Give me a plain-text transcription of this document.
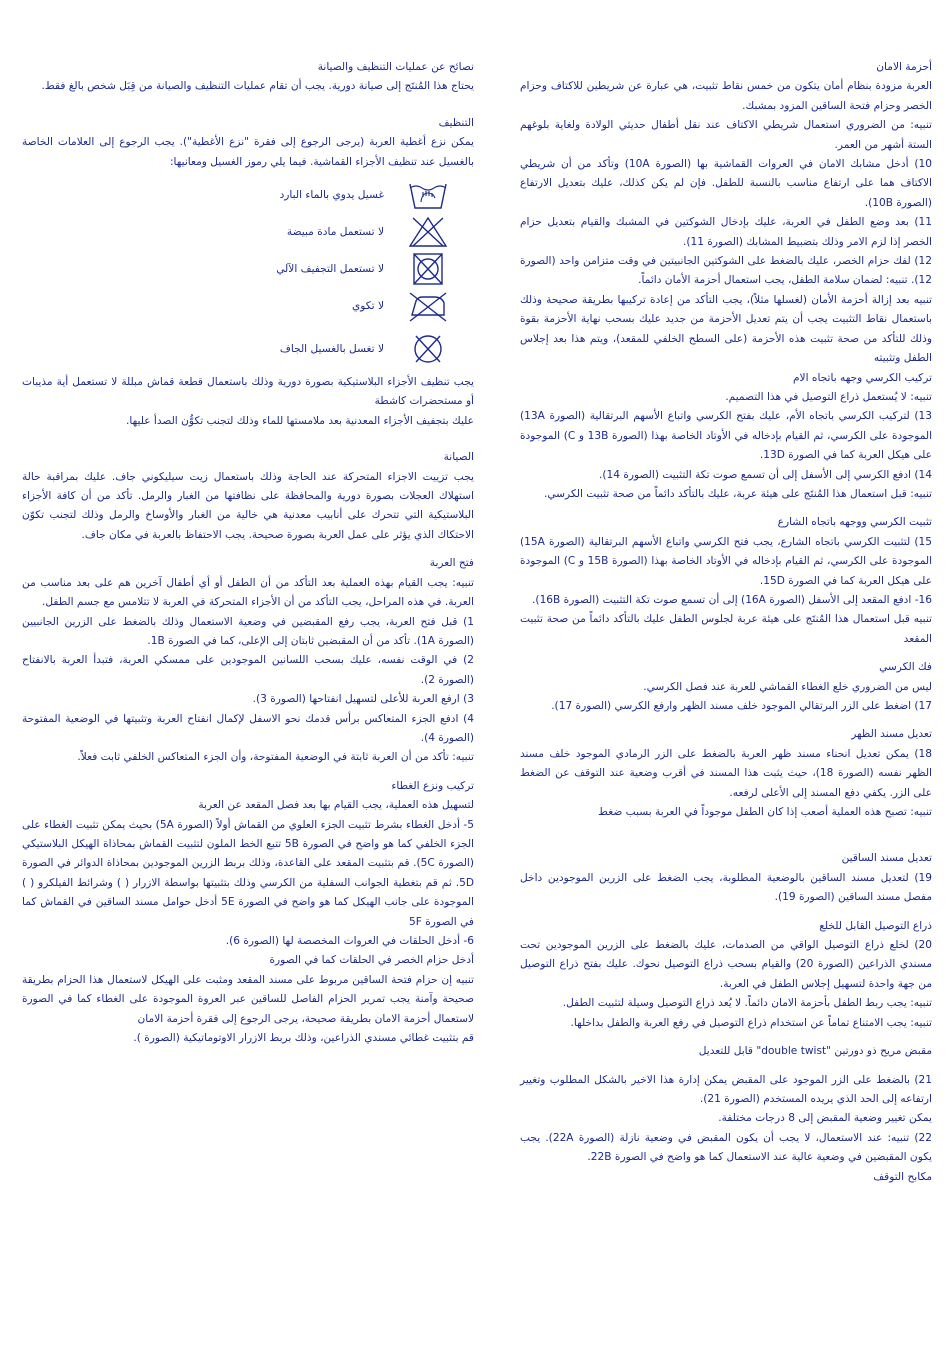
أحزمة الامان

العربة مزودة بنظام أمان يتكون من خمس نقاط تثبيت، هي عبارة عن شريطين للاكتاف وحزام الخصر وحزام فتحة الساقين المزود بمشبك.

تنبيه: من الضروري استعمال شريطي الاكتاف عند نقل أطفال حديثي الولادة ولغاية بلوغهم الستة أشهر من العمر.

10) أدخل مشابك الامان في العروات القماشية بها (الصورة 10A) وتأكد من أن شريطي الاكتاف هما على ارتفاع مناسب بالنسبة للطفل. فإن لم يكن كذلك، عليك بتعديل الارتفاع (الصورة 10B).

11) بعد وضع الطفل في العربة، عليك بإدخال الشوكتين في المشبك والقيام بتعديل حزام الخصر إذا لزم الامر وذلك بتضبيط المشابك (الصورة 11).

12) لفك حزام الخصر، عليك بالضغط على الشوكتين الجانبيتين في وقت متزامن واحد (الصورة 12). تنبيه: لضمان سلامة الطفل، يجب استعمال أحزمة الأمان دائماً.

تنبيه بعد إزالة أحزمة الأمان (لغسلها مثلاً)، يجب التأكد من إعادة تركيبها بطريقة صحيحة وذلك باستعمال نقاط التثبيت يجب أن يتم تعديل الأحزمة من جديد عليك بسحب نهاية الأحزمة بقوة وذلك للتأكد من صحة تثبيت هذه الأحزمة (على السطح الخلفي للمقعد)، ويتم هذا بعد إجلاس الطفل وتثبيته

تركيب الكرسي وجهه باتجاه الام

تنبيه: لا يُستعمل ذراع التوصيل في هذا التصميم.

13) لتركيب الكرسي باتجاه الأم، عليك بفتح الكرسي واتباع الأسهم البرتقالية (الصورة 13A) الموجودة على الكرسي، ثم القيام بإدخاله في الأوتاد الخاصة بهذا (الصورة 13B و C) الموجودة على هيكل العربة كما في الصورة 13D.

14) ادفع الكرسي إلى الأسفل إلى أن تسمع صوت تكة التثبيت (الصورة 14).

تنبيه: قبل استعمال هذا المُنتَج على هيئة عربة، عليك بالتأكد دائماً من صحة تثبيت الكرسي.

تثبيت الكرسي ووجهه باتجاه الشارع

15) لتثبيت الكرسي باتجاه الشارع، يجب فتح الكرسي واتباع الأسهم البرتقالية (الصورة 15A) الموجودة على الكرسي، ثم القيام بإدخاله في الأوتاد الخاصة بهذا (الصورة 15B و C) الموجودة على هيكل العربة كما في الصورة 15D.

16- ادفع المقعد إلى الأسفل (الصورة 16A) إلى أن تسمع صوت تكة التثبيت (الصورة 16B).

تنبيه قبل استعمال هذا المُنتَج على هيئة عربة لجلوس الطفل عليك بالتأكد دائماً من صحة تثبيت المقعد

فك الكرسي

ليس من الضروري خلع الغطاء القماشي للعربة عند فصل الكرسي.

17) اضغط على الزر البرتقالي الموجود خلف مسند الظهر وارفع الكرسي (الصورة 17).

تعديل مسند الظهر

18) يمكن تعديل انحناء مسند ظهر العربة بالضغط على الزر الرمادي الموجود خلف مسند الظهر نفسه (الصورة 18)، حيث يثبت هذا المسند في أقرب وضعية عند التوقف عن الضغط على الزر. يكفي دفع المسند إلى الأعلى لرفعه.

تنبيه: تصبح هذه العملية أصعب إذا كان الطفل موجوداً في العربة بسبب ضغط

تعديل مسند الساقين

19) لتعديل مسند الساقين بالوضعية المطلوبة، يجب الضغط على الزرين الموجودين داخل مفصل مسند الساقين (الصورة 19).

ذراع التوصيل القابل للخلع

20) لخلع ذراع التوصيل الواقي من الصدمات، عليك بالضغط على الزرين الموجودين تحت مسندي الذراعين (الصورة 20) والقيام بسحب ذراع التوصيل نحوك. عليك بفتح ذراع التوصيل من جهة واحدة لتسهيل إجلاس الطفل في العربة.

تنبيه: يجب ربط الطفل بأحزمة الامان دائماً. لا يُعد ذراع التوصيل وسيلة لتثبيت الطفل.

تنبيه: يجب الامتناع تماماً عن استخدام ذراع التوصيل في رفع العربة والطفل بداخلها.

مقبض مريح ذو دورتين "double twist" قابل للتعديل

21) بالضغط على الزر الموجود على المقبض يمكن إدارة هذا الاخير بالشكل المطلوب وتغيير ارتفاعه إلى الحد الذي يريده المستخدم (الصورة 21).

يمكن تغيير وضعية المقبض إلى 8 درجات مختلفة.

22) تنبيه: عند الاستعمال، لا يجب أن يكون المقبض في وضعية نازلة (الصورة 22A). يجب يكون المقبضين في وضعية عالية عند الاستعمال كما هو واضح في الصورة 22B.

مكابح التوقف

نصائح عن عمليات التنظيف والصيانة

يحتاج هذا المُنتَج إلى صيانة دورية. يجب أن تقام عمليات التنظيف والصيانة من قِبَل شخص بالغ فقط.

التنظيف

يمكن نزع أغطية العربة (يرجى الرجوع إلى فقرة "نزع الأغطية"). يجب الرجوع إلى العلامات الخاصة بالغسيل عند تنظيف الأجزاء القماشية. فيما يلي رموز الغسيل ومعانيها:

غسيل يدوي بالماء البارد
لا تستعمل مادة مبيضة
لا تستعمل التجفيف الآلي
لا تكوي
لا تغسل بالغسيل الجاف

يجب تنظيف الأجزاء البلاستيكية بصورة دورية وذلك باستعمال قطعة قماش مبللة لا تستعمل أية مذيبات أو مستحضرات كاشطة

عليك بتجفيف الأجزاء المعدنية بعد ملامستها للماء وذلك لتجنب تكوُّن الصدأ عليها.

الصيانة

يجب تزييت الاجزاء المتحركة عند الحاجة وذلك باستعمال زيت سيليكوني جاف. عليك بمراقبة حالة استهلاك العجلات بصورة دورية والمحافظة على نظافتها من الغبار والرمل. تأكد من أن كافة الأجزاء البلاستيكية التي تتحرك على أنابيب معدنية هي خالية من الغبار والأوساخ والرمل وذلك لتجنب تكوّن الاحتكاك الذي يؤثر على عمل العربة بصورة صحيحة. يجب الاحتفاظ بالعربة في مكان جاف.

فتح العربة

تنبيه: يجب القيام بهذه العملية بعد التأكد من أن الطفل أو أي أطفال آخرين هم على بعد مناسب من العربة. في هذه المراحل، يجب التأكد من أن الأجزاء المتحركة في العربة لا تتلامس مع جسم الطفل.

1) قبل فتح العربة، يجب رفع المقبضين في وضعية الاستعمال وذلك بالضغط على الزرين الجانبيين (الصورة 1A). تأكد من أن المقبضين ثابتان إلى الإعلى، كما في الصورة 1B.

2) في الوقت نفسه، عليك بسحب اللسانين الموجودين على ممسكي العربة، فتبدأ العربة بالانفتاح (الصورة 2).

3) ارفع العربة للأعلى لتسهيل انفتاحها (الصورة 3).

4) ادفع الجزء المتعاكس برأس قدمك نحو الاسفل لإكمال انفتاح العربة وتثبيتها في الوضعية المفتوحة (الصورة 4).

تنبيه: تأكد من أن العربة ثابتة في الوضعية المفتوحة، وأن الجزء المتعاكس الخلفي ثابت فعلاً.

تركيب ونزع الغطاء

لتسهيل هذه العملية، يجب القيام بها بعد فصل المقعد عن العربة

5- أدخل الغطاء بشرط تثبيت الجزء العلوي من القماش أولاً (الصورة 5A) بحيث يمكن تثبيت الغطاء على الجزء الخلفي كما هو واضح في الصورة 5B تتبع الخط الملون لتثبيت القماش بمحاذاة الهيكل البلاستيكي (الصورة 5C). قم بتثبيت المقعد على القاعدة، وذلك بربط الزرين الموجودين بمحاذاة الدوائر في الصورة 5D. ثم قم بتغطية الجوانب السفلية من الكرسي وذلك بتثبيتها بواسطة الازرار ( ) وشرائط الفيلكرو ( ) الموجودة على جانب الهيكل كما هو واضح في الصورة 5E أدخل حوامل مسند الساقين في القماش كما في الصورة 5F

6- أدخل الحلقات في العروات المخصصة لها (الصورة 6).

أدخل حزام الخصر في الحلقات كما في الصورة

تنبيه إن حزام فتحة الساقين مربوط على مسند المقعد ومثبت على الهيكل لاستعمال هذا الحزام بطريقة صحيحة وآمنة يجب تمرير الحزام الفاصل للساقين عبر العروة الموجودة على الغطاء كما في الصورة لاستعمال أحزمة الامان بطريقة صحيحة، يرجى الرجوع إلى فقرة أحزمة الامان

قم بتثبيت غطائي مسندي الذراعين، وذلك بربط الازرار الاوتوماتيكية (الصورة ).
